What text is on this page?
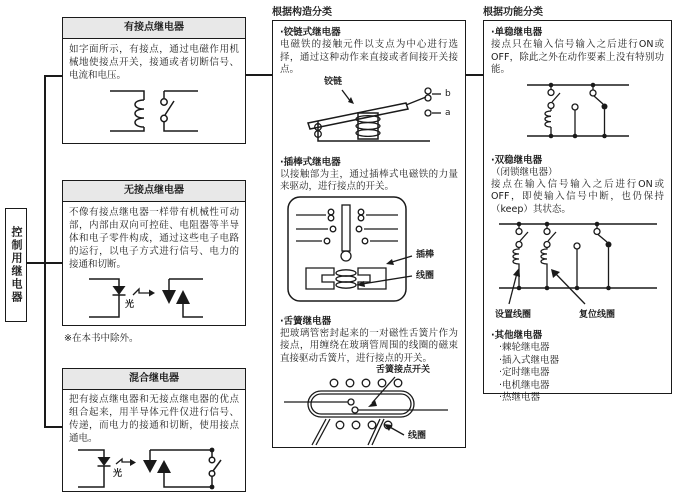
控制用继电器
有接点继电器
如字面所示，有接点，通过电磁作用机械地使接点开关，接通或者切断信号、电流和电压。
无接点继电器
不像有接点继电器一样带有机械性可动部，内部由双向可控硅、电阻器等半导体和电子零件构成，通过这些电子电路的运行，以电子方式进行信号、电力的接通和切断。
光
※在本书中除外。
混合继电器
把有接点继电器和无接点继电器的优点组合起来，用半导体元件仅进行信号、传递，而电力的接通和切断，使用接点通电。
光
根据构造分类
·铰链式继电器
电磁铁的接触元件以支点为中心进行选择，通过这种动作来直接或者间接开关接点。
铰链
b
a
·插棒式继电器
以接触部为主，通过插棒式电磁铁的力量来驱动，进行接点的开关。
插棒
线圈
·舌簧继电器
把玻璃管密封起来的一对磁性舌簧片作为接点，用缠绕在玻璃管周围的线圈的磁束直接驱动舌簧片，进行接点的开关。
舌簧接点开关
线圈
根据功能分类
·单稳继电器
接点只在输入信号输入之后进行ON或OFF，除此之外在动作要素上没有特别功能。
·双稳继电器
（闭锁继电器）
接点在输入信号输入之后进行ON或OFF，即使输入信号中断，也仍保持（keep）其状态。
设置线圈	复位线圈
·其他继电器
·棘轮继电器
·插入式继电器
·定时继电器
·电机继电器
·热继电器
